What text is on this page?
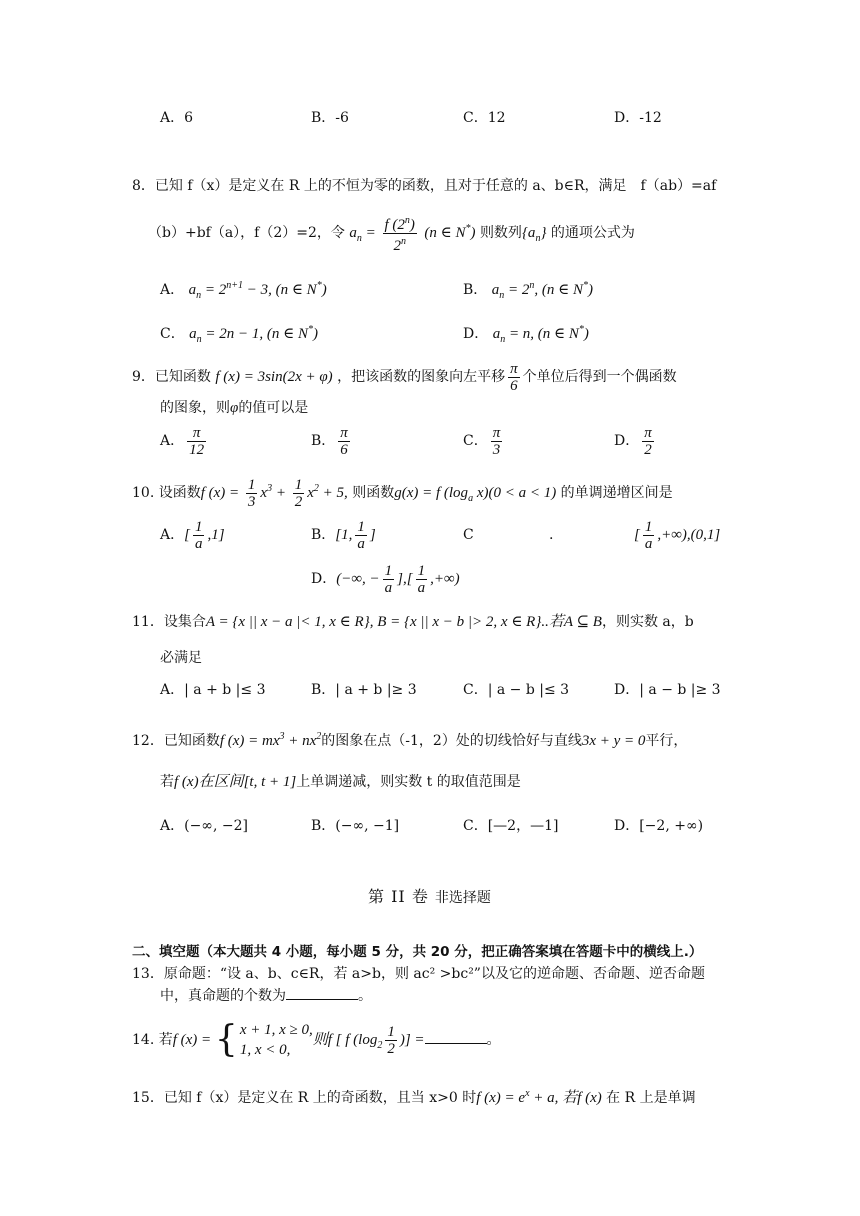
A．6	B．-6	C．12	D．-12
8．已知 f（x）是定义在 R 上的不恒为零的函数，且对于任意的 a、b∈R，满足　f（ab）=af
（b）+bf（a），f（2）=2，令 $a_n = \frac{f (2^n)}{2^n} (n$ ∈ N*) 则数列$\{a_n\}$ 的通项公式为
A． $a_n = 2^{n+1} - 3$, (n ∈ N*)	B． $a_n = 2^n$, (n ∈ N*)
C． $a_n = 2n - 1$, (n ∈ N*)	D． $a_n = n$, (n ∈ N*)
9．已知函数 f (x) = 3sin(2x + φ) ，把该函数的图象向左平移 $\frac{\pi}{6}$ 个单位后得到一个偶函数
的图象，则φ的值可以是
A． $\frac{\pi}{12}$	B． $\frac{\pi}{6}$	C． $\frac{\pi}{3}$	D． $\frac{\pi}{2}$
10. 设函数f $(x) = \frac{1}{3} x^3 + \frac{1}{2} x^2 + 5$, 则函数g(x) = f ($\log_a$ x)(0 < a < 1) 的单调递增区间是
A．[ $\frac{1}{a} ,1$]	B．[1, $\frac{1}{a}$ ]	C	.	[ $\frac{1}{a} ,+\infty),(0,1]$
D．(−∞, − $\frac{1}{a}$ ],[ $\frac{1}{a}$ ,+∞)
11．设集合A = {x || x − a |< 1, x ∈ R}, B = {x || x − b |> 2, x ∈ R}..若A ⊆ B，则实数 a，b
必满足
A．| a + b |≤ 3	B．| a + b |≥ 3	C．| a − b |≤ 3	D．| a − b |≥ 3
12．已知函数f $(x) = mx^3 + nx^2$的图象在点（-1，2）处的切线恰好与直线3x + y = 0平行，
若f (x)在区间[t, t + 1]上单调递减，则实数 t 的取值范围是
A．(−∞, −2]	B．(−∞, −1]	C．[—2，—1]	D．[−2, +∞)
第 II 卷 非选择题
二、填空题（本大题共 4 小题，每小题 5 分，共 20 分，把正确答案填在答题卡中的横线上.）
13．原命题：“设 a、b、c∈R，若 a>b，则 ac² >bc²”以及它的逆命题、否命题、逆否命题
中，真命题的个数为	。
14. 若f (x) = { x + 1, x ≥ 0,
1, x < 0,
则f [ f ($\log_2 \frac{1}{2}$ )] =	。
15．已知 f（x）是定义在 R 上的奇函数，且当 x>0 时f $(x) = e^x + a$, 若f (x) 在 R 上是单调
